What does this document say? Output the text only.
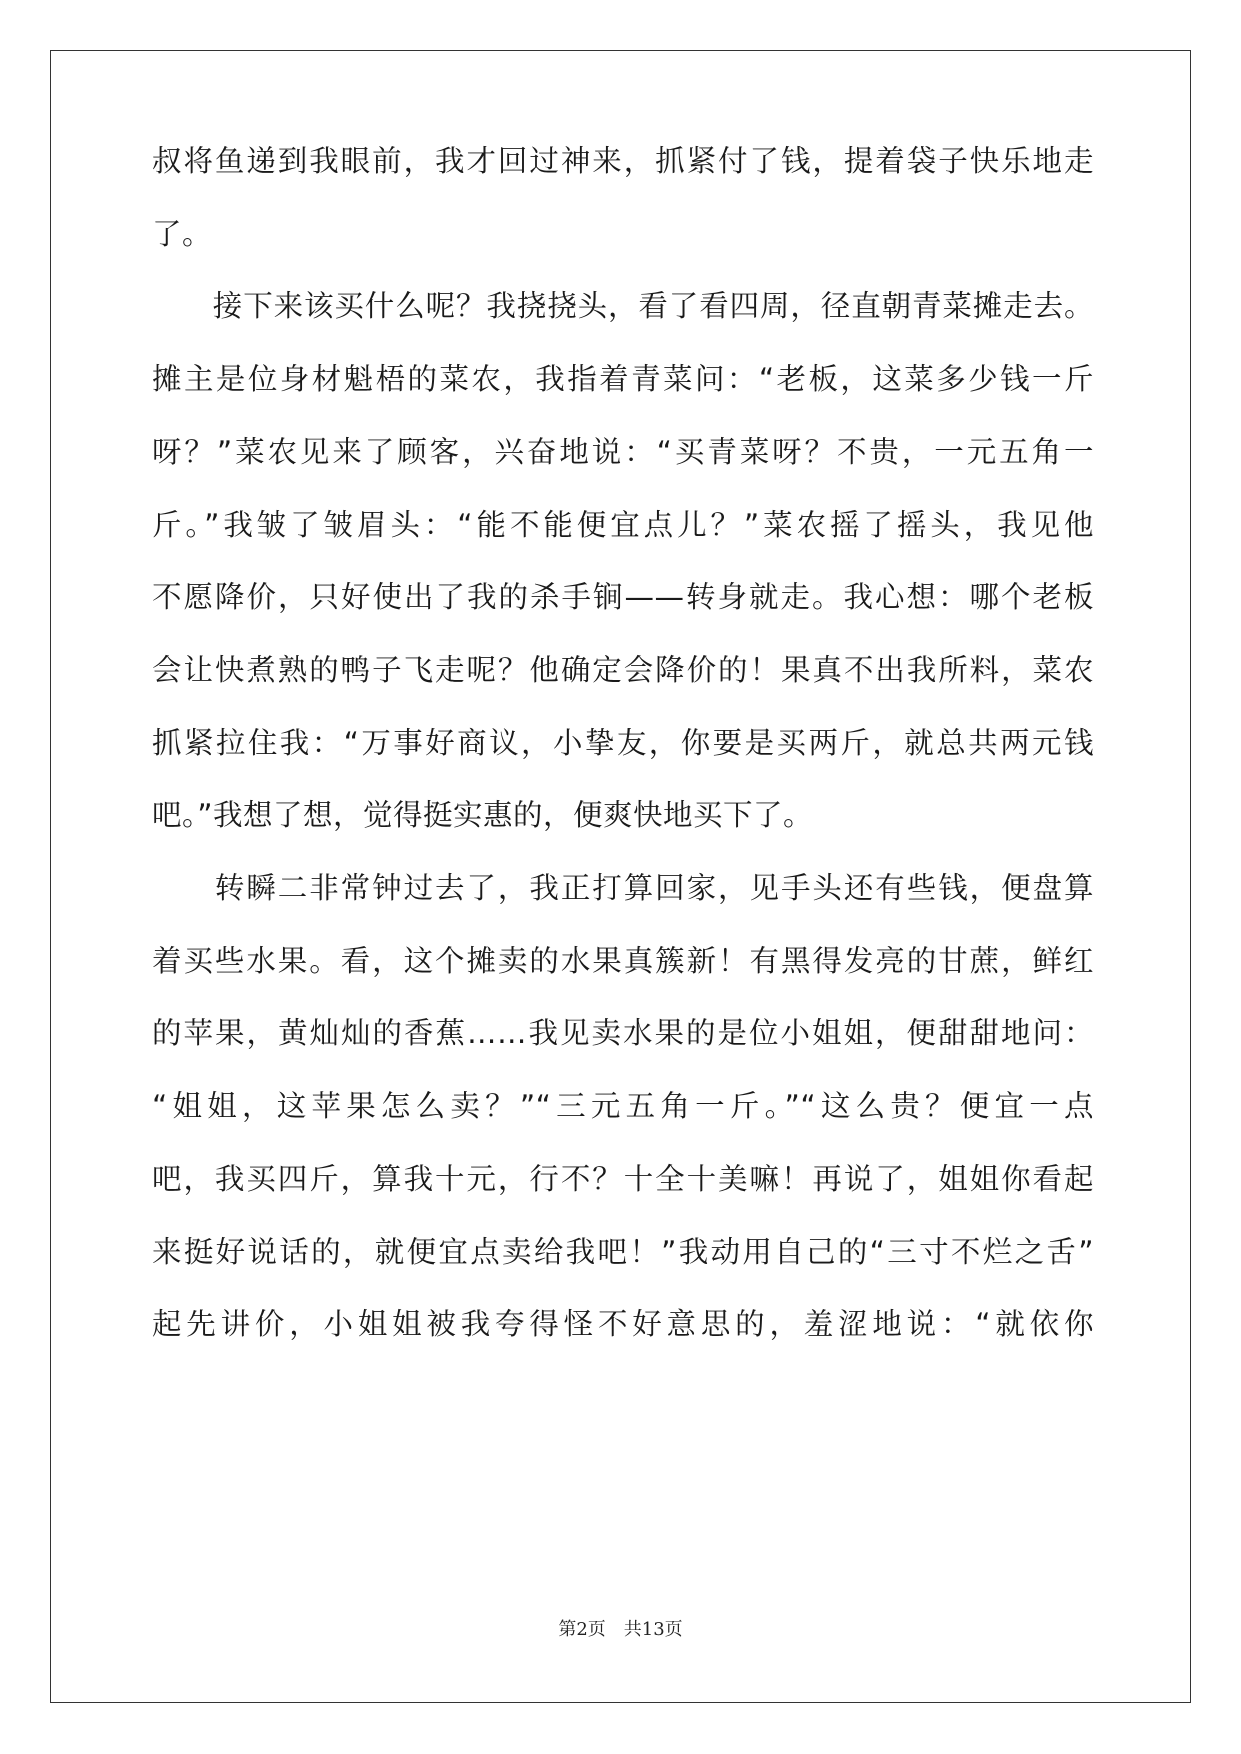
叔将鱼递到我眼前，我才回过神来，抓紧付了钱，提着袋子快乐地走
了。
　　接下来该买什么呢？我挠挠头，看了看四周，径直朝青菜摊走去。
摊主是位身材魁梧的菜农，我指着青菜问：“老板，这菜多少钱一斤
呀？”菜农见来了顾客，兴奋地说：“买青菜呀？不贵，一元五角一
斤。”我皱了皱眉头：“能不能便宜点儿？”菜农摇了摇头，我见他
不愿降价，只好使出了我的杀手锏——转身就走。我心想：哪个老板
会让快煮熟的鸭子飞走呢？他确定会降价的！果真不出我所料，菜农
抓紧拉住我：“万事好商议，小挚友，你要是买两斤，就总共两元钱
吧。”我想了想，觉得挺实惠的，便爽快地买下了。
　　转瞬二非常钟过去了，我正打算回家，见手头还有些钱，便盘算
着买些水果。看，这个摊卖的水果真簇新！有黑得发亮的甘蔗，鲜红
的苹果，黄灿灿的香蕉……我见卖水果的是位小姐姐，便甜甜地问：
“姐姐，这苹果怎么卖？”“三元五角一斤。”“这么贵？便宜一点
吧，我买四斤，算我十元，行不？十全十美嘛！再说了，姐姐你看起
来挺好说话的，就便宜点卖给我吧！”我动用自己的“三寸不烂之舌”
起先讲价，小姐姐被我夸得怪不好意思的，羞涩地说：“就依你
第2页　共13页
